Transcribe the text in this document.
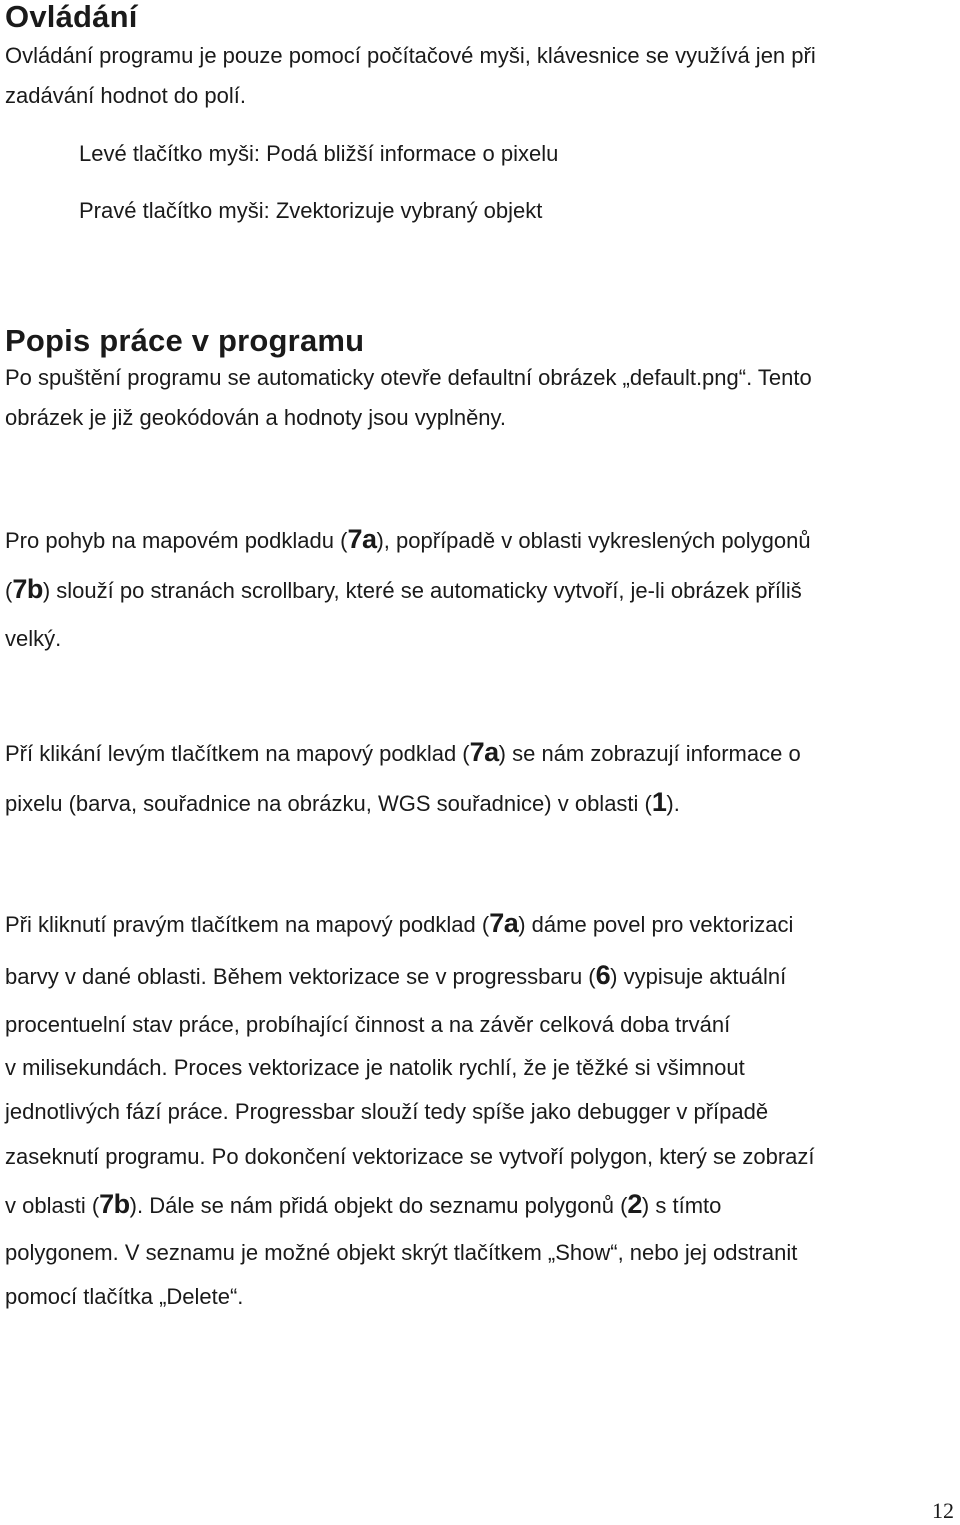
Ovládání

Ovládání programu je pouze pomocí počítačové myši, klávesnice se využívá jen při

zadávání hodnot do polí.

Levé tlačítko myši: Podá bližší informace o pixelu

Pravé tlačítko myši: Zvektorizuje vybraný objekt

Popis práce v programu

Po spuštění programu se automaticky otevře defaultní obrázek „default.png“. Tento

obrázek je již geokódován a hodnoty jsou vyplněny.

Pro pohyb na mapovém podkladu (7a), popřípadě v oblasti vykreslených polygonů

(7b) slouží po stranách scrollbary, které se automaticky vytvoří, je-li obrázek příliš

velký.

Pří klikání levým tlačítkem na mapový podklad (7a) se nám zobrazují informace o

pixelu (barva, souřadnice na obrázku, WGS souřadnice) v oblasti (1).

Při kliknutí pravým tlačítkem na mapový podklad (7a) dáme povel pro vektorizaci

barvy v dané oblasti. Během vektorizace se v progressbaru (6) vypisuje aktuální

procentuelní stav práce, probíhající činnost a na závěr celková doba trvání

v milisekundách. Proces vektorizace je natolik rychlí, že je těžké si všimnout

jednotlivých fází práce. Progressbar slouží tedy spíše jako debugger v případě

zaseknutí programu. Po dokončení vektorizace se vytvoří polygon, který se zobrazí

v oblasti (7b). Dále se nám přidá objekt do seznamu polygonů (2) s tímto

polygonem. V seznamu je možné objekt skrýt tlačítkem „Show“, nebo jej odstranit

pomocí tlačítka „Delete“.

12
